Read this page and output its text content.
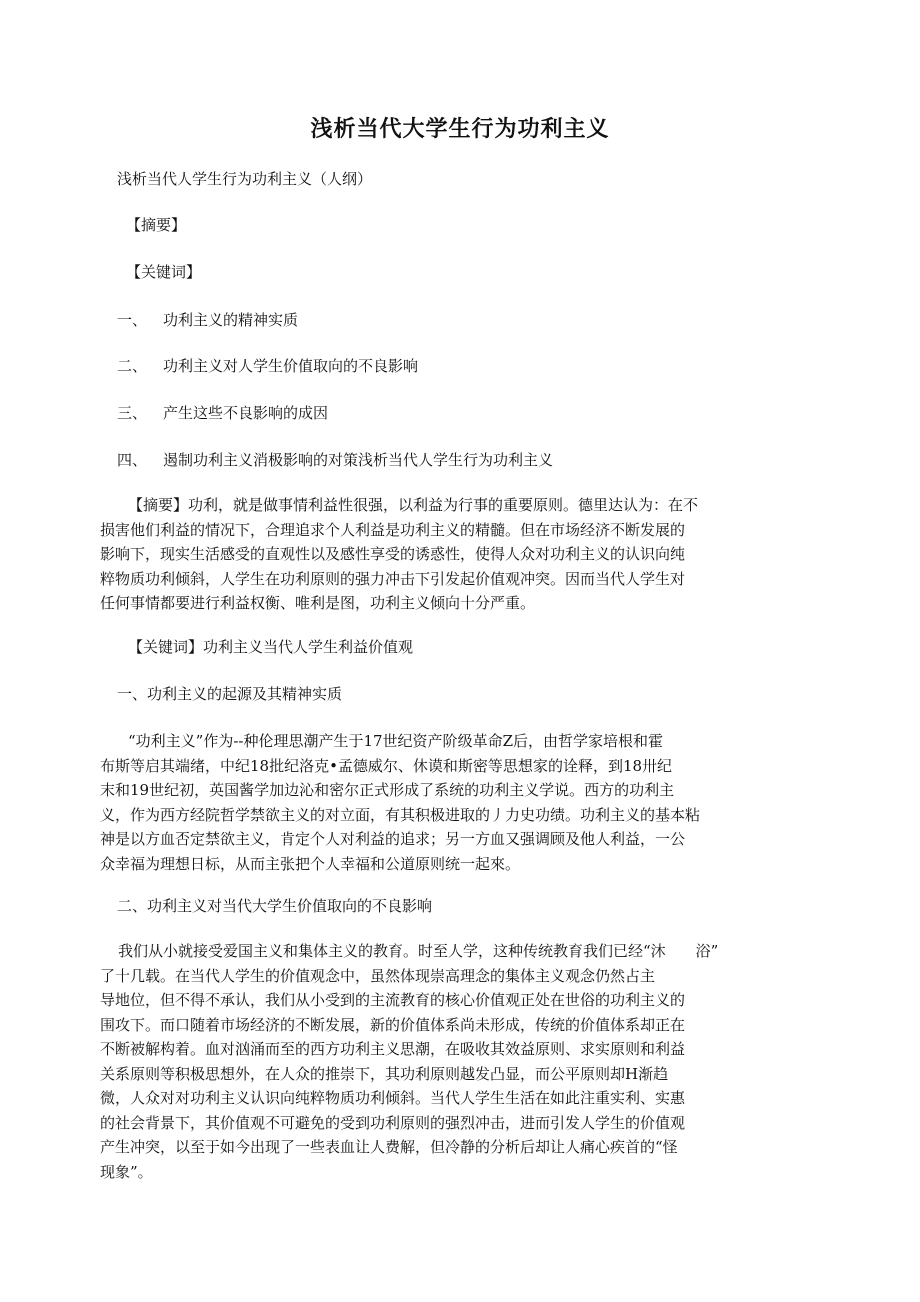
浅析当代大学生行为功利主义

浅析当代人学生行为功利主义（人纲）

【摘要】

【关键词】

一、 功利主义的精神实质

二、 功利主义对人学生价值取向的不良影响

三、 产生这些不良影响的成因

四、 遏制功利主义消极影响的对策浅析当代人学生行为功利主义

【摘要】功利，就是做事情利益性很强，以利益为行事的重要原则。德里达认为：在不
损害他们利益的情况下，合理追求个人利益是功利主义的精髓。但在市场经济不断发展的
影响下，现实生活感受的直观性以及感性享受的诱惑性，使得人众对功利主义的认识向纯
粹物质功利倾斜，人学生在功利原则的强力冲击下引发起价值观冲突。因而当代人学生对
任何事情都要进行利益权衡、唯利是图，功利主义倾向十分严重。

【关键词】功利主义当代人学生利益价值观

一、功利主义的起源及其精神实质

“功利主义”作为--种伦理思潮产生于17世纪资产阶级革命Z后，由哲学家培根和霍
布斯等启其端绪，中纪18批纪洛克•孟德威尔、休谟和斯密等思想家的诠释，到18卅纪
末和19世纪初，英国酱学加边沁和密尔正式形成了系统的功利主义学说。西方的功利主
义，作为西方经院哲学禁欲主义的对立面，有其积极进取的丿力史功绩。功利主义的基本粘
神是以方血否定禁欲主义，肯定个人对利益的追求；另一方血又强调顾及他人利益，一公
众幸福为理想日标，从而主张把个人幸福和公道原则统一起來。

二、功利主义对当代大学生价值取向的不良影响

我们从小就接受爱国主义和集体主义的教育。时至人学，这种传统教育我们已经“沐　　浴”
了十几载。在当代人学生的价值观念中，虽然体现崇高理念的集体主义观念仍然占主
导地位，但不得不承认，我们从小受到的主流教育的核心价值观正处在世俗的功利主义的
围攻下。而口随着市场经济的不断发展，新的价值体系尚未形成，传统的价值体系却正在
不断被解构着。血对汹涌而至的西方功利主义思潮，在吸收其效益原则、求实原则和利益
关系原则等积极思想外，在人众的推崇下，其功利原则越发凸显，而公平原则却H渐趋
微，人众对对功利主义认识向纯粹物质功利倾斜。当代人学生生活在如此注重实利、实惠
的社会背景下，其价值观不可避免的受到功利原则的强烈冲击，进而引发人学生的价值观
产生冲突，以至于如今出现了一些表血让人费解，但冷静的分析后却让人痛心疾首的“怪
现象”。
